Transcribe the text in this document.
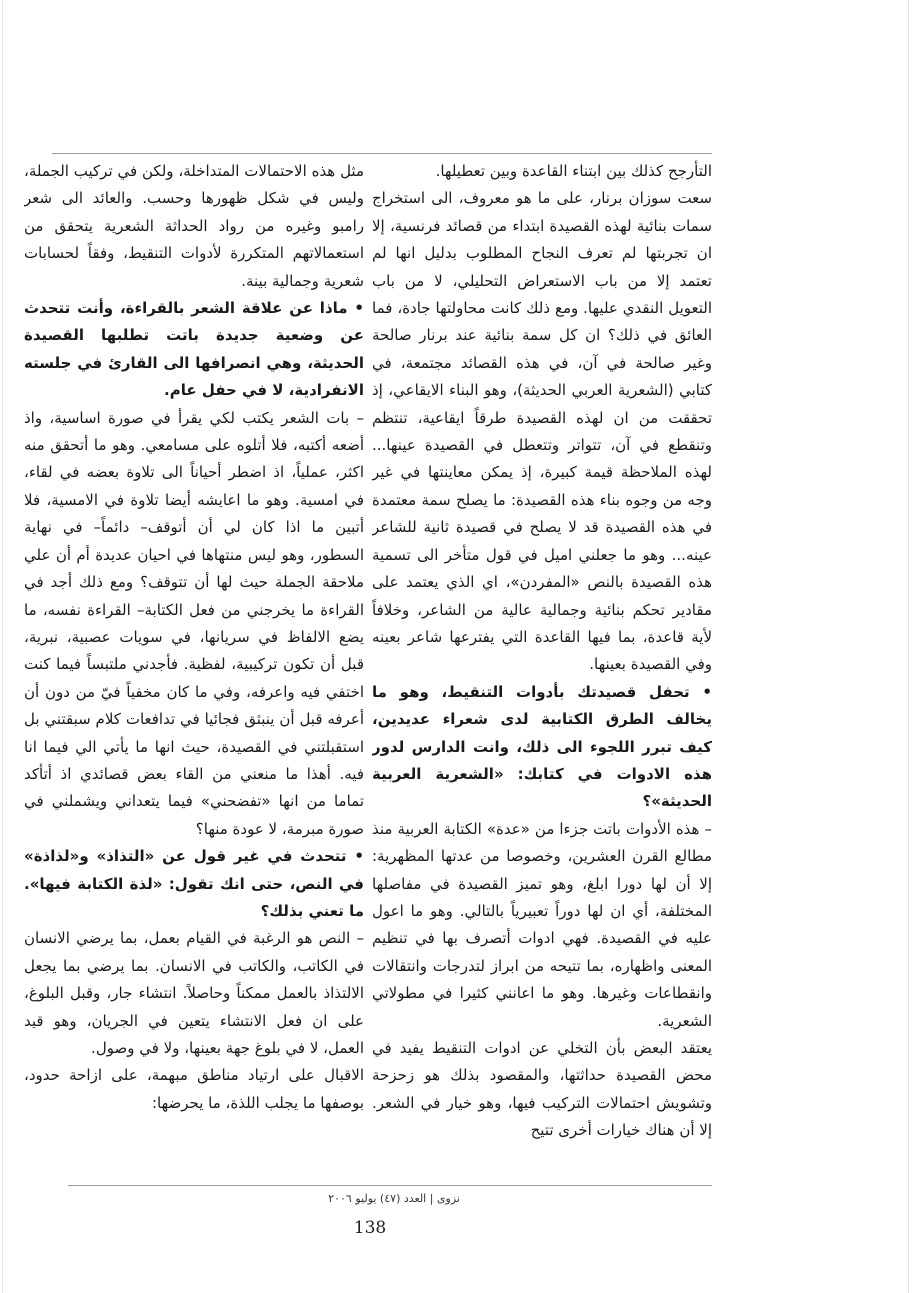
التأرجح كذلك بين ابتناء القاعدة وبين تعطيلها.

سعت سوزان برنار، على ما هو معروف، الى استخراج سمات بنائية لهذه القصيدة ابتداء من قصائد فرنسية، إلا ان تجربتها لم تعرف النجاح المطلوب بدليل انها لم تعتمد إلا من باب الاستعراض التحليلي، لا من باب التعويل النقدي عليها. ومع ذلك كانت محاولتها جادة، فما العائق في ذلك؟ ان كل سمة بنائية عند برنار صالحة وغير صالحة في آن، في هذه القصائد مجتمعة، في كتابي (الشعرية العربي الحديثة)، وهو البناء الايقاعي، إذ تحققت من ان لهذه القصيدة طرقاً ايقاعية، تنتظم وتنقطع في آن، تتواتر وتتعطل في القصيدة عينها... لهذه الملاحظة قيمة كبيرة، إذ يمكن معاينتها في غير وجه من وجوه بناء هذه القصيدة: ما يصلح سمة معتمدة في هذه القصيدة قد لا يصلح في قصيدة ثانية للشاعر عينه... وهو ما جعلني اميل في قول متأخر الى تسمية هذه القصيدة بالنص «المفردن»، اي الذي يعتمد على مقادير تحكم بنائية وجمالية عالية من الشاعر، وخلافاً لأية قاعدة، بما فيها القاعدة التي يفترعها شاعر بعينه وفي القصيدة بعينها.

• تحفل قصيدتك بأدوات التنقيط، وهو ما يخالف الطرق الكتابية لدى شعراء عديدين، كيف تبرر اللجوء الى ذلك، وانت الدارس لدور هذه الادوات في كتابك: «الشعرية العربية الحديثة»؟

– هذه الأدوات باتت جزءا من «عدة» الكتابة العربية منذ مطالع القرن العشرين، وخصوصا من عدتها المظهرية: إلا أن لها دورا ابلغ، وهو تميز القصيدة في مفاصلها المختلفة، أي ان لها دوراً تعبيرياً بالتالي. وهو ما اعول عليه في القصيدة. فهي ادوات أتصرف بها في تنظيم المعنى واظهاره، بما تتيحه من ابراز لتدرجات وانتقالات وانقطاعات وغيرها. وهو ما اعانني كثيرا في مطولاتي الشعرية.

يعتقد البعض بأن التخلي عن ادوات التنقيط يفيد في محض القصيدة حداثتها، والمقصود بذلك هو زحزحة وتشويش احتمالات التركيب فيها، وهو خيار في الشعر. إلا أن هناك خيارات أخرى تتيح

مثل هذه الاحتمالات المتداخلة، ولكن في تركيب الجملة، وليس في شكل ظهورها وحسب. والعائد الى شعر رامبو وغيره من رواد الحداثة الشعرية يتحقق من استعمالاتهم المتكررة لأدوات التنقيط، وفقاً لحسابات شعرية وجمالية بينة.

• ماذا عن علاقة الشعر بالقراءة، وأنت تتحدث عن وضعية جديدة باتت تطلبها القصيدة الحديثة، وهي انصرافها الى القارئ في جلسته الانفرادية، لا في حفل عام.

– بات الشعر يكتب لكي يقرأ في صورة اساسية، واذ أضعه أكتبه، فلا أتلوه على مسامعي. وهو ما أتحقق منه اكثر، عملياً، اذ اضطر أحياناً الى تلاوة بعضه في لقاء، في امسية. وهو ما اعايشه أيضا تلاوة في الامسية، فلا أتبين ما اذا كان لي أن أتوقف– دائماً– في نهاية السطور، وهو ليس منتهاها في احيان عديدة أم أن علي ملاحقة الجملة حيث لها أن تتوقف؟ ومع ذلك أجد في القراءة ما يخرجني من فعل الكتابة– القراءة نفسه، ما يضع الالفاظ في سريانها، في سويات عصبية، نبرية، قبل أن تكون تركيبية، لفظية. فأجدني ملتبساً فيما كنت اختفي فيه واعرفه، وفي ما كان مخفياً فيّ من دون أن أعرفه قبل أن ينبثق فجائيا في تدافعات كلام سبقتني بل استقبلتني في القصيدة، حيث انها ما يأتي الي فيما انا فيه. أهذا ما منعني من القاء بعض قصائدي اذ أتأكد تماما من انها «تفضحني» فيما يتعداني ويشملني في صورة مبرمة، لا عودة منها؟

• تتحدث في غير قول عن «التذاذ» و«لذاذة» في النص، حتى انك تقول: «لذة الكتابة فيها». ما تعني بذلك؟

– النص هو الرغبة في القيام بعمل، بما يرضي الانسان في الكاتب، والكاتب في الانسان. بما يرضي بما يجعل الالتذاذ بالعمل ممكناً وحاصلاً. انتشاء جار، وقبل البلوغ، على ان فعل الانتشاء يتعين في الجريان، وهو قيد العمل، لا في بلوغ جهة بعينها، ولا في وصول.

الاقبال على ارتياد مناطق مبهمة، على ازاحة حدود، بوصفها ما يجلب اللذة، ما يحرضها:

نزوى | العدد (٤٧) يوليو ٢٠٠٦
138
